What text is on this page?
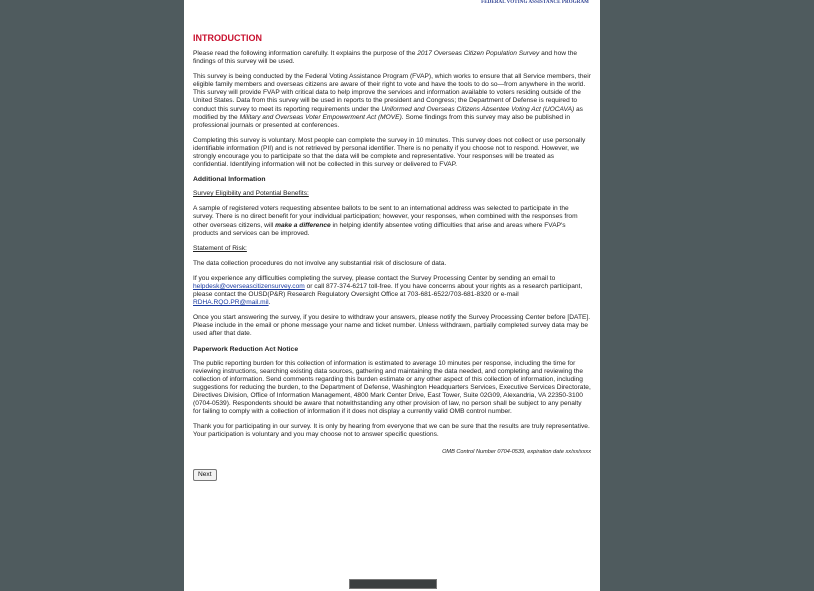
FEDERAL VOTING ASSISTANCE PROGRAM
INTRODUCTION

Please read the following information carefully. It explains the purpose of the 2017 Overseas Citizen Population Survey and how the findings of this survey will be used.

This survey is being conducted by the Federal Voting Assistance Program (FVAP), which works to ensure that all Service members, their eligible family members and overseas citizens are aware of their right to vote and have the tools to do so—from anywhere in the world. This survey will provide FVAP with critical data to help improve the services and information available to voters residing outside of the United States. Data from this survey will be used in reports to the president and Congress; the Department of Defense is required to conduct this survey to meet its reporting requirements under the Uniformed and Overseas Citizens Absentee Voting Act (UOCAVA) as modified by the Military and Overseas Voter Empowerment Act (MOVE). Some findings from this survey may also be published in professional journals or presented at conferences.

Completing this survey is voluntary. Most people can complete the survey in 10 minutes. This survey does not collect or use personally identifiable information (PII) and is not retrieved by personal identifier. There is no penalty if you choose not to respond. However, we strongly encourage you to participate so that the data will be complete and representative. Your responses will be treated as confidential. Identifying information will not be collected in this survey or delivered to FVAP.

Additional Information

Survey Eligibility and Potential Benefits:

A sample of registered voters requesting absentee ballots to be sent to an international address was selected to participate in the survey. There is no direct benefit for your individual participation; however, your responses, when combined with the responses from other overseas citizens, will make a difference in helping identify absentee voting difficulties that arise and areas where FVAP's products and services can be improved.

Statement of Risk:

The data collection procedures do not involve any substantial risk of disclosure of data.

If you experience any difficulties completing the survey, please contact the Survey Processing Center by sending an email to helpdesk@overseascitizensurvey.com or call 877-374-6217 toll-free. If you have concerns about your rights as a research participant, please contact the OUSD(P&R) Research Regulatory Oversight Office at 703-681-6522/703-681-8320 or e-mail RDHA.RQO.PR@mail.mil.

Once you start answering the survey, if you desire to withdraw your answers, please notify the Survey Processing Center before [DATE]. Please include in the email or phone message your name and ticket number. Unless withdrawn, partially completed survey data may be used after that date.

Paperwork Reduction Act Notice

The public reporting burden for this collection of information is estimated to average 10 minutes per response, including the time for reviewing instructions, searching existing data sources, gathering and maintaining the data needed, and completing and reviewing the collection of information. Send comments regarding this burden estimate or any other aspect of this collection of information, including suggestions for reducing the burden, to the Department of Defense, Washington Headquarters Services, Executive Services Directorate, Directives Division, Office of Information Management, 4800 Mark Center Drive, East Tower, Suite 02G09, Alexandria, VA 22350-3100 (0704-0539). Respondents should be aware that notwithstanding any other provision of law, no person shall be subject to any penalty for failing to comply with a collection of information if it does not display a currently valid OMB control number.

Thank you for participating in our survey. It is only by hearing from everyone that we can be sure that the results are truly representative. Your participation is voluntary and you may choose not to answer specific questions.

OMB Control Number 0704-0539, expiration date xx/xx/xxxx
Next
